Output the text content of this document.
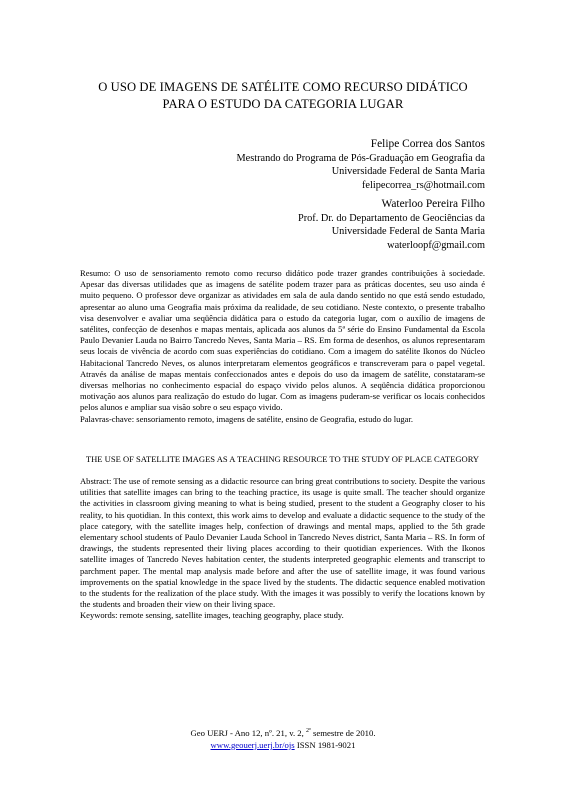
O USO DE IMAGENS DE SATÉLITE COMO RECURSO DIDÁTICO
PARA O ESTUDO DA CATEGORIA LUGAR
Felipe Correa dos Santos
Mestrando do Programa de Pós-Graduação em Geografia da
Universidade Federal de Santa Maria
felipecorrea_rs@hotmail.com
Waterloo Pereira Filho
Prof. Dr. do Departamento de Geociências da
Universidade Federal de Santa Maria
waterloopf@gmail.com

Resumo: O uso de sensoriamento remoto como recurso didático pode trazer grandes contribuições à sociedade. Apesar das diversas utilidades que as imagens de satélite podem trazer para as práticas docentes, seu uso ainda é muito pequeno. O professor deve organizar as atividades em sala de aula dando sentido no que está sendo estudado, apresentar ao aluno uma Geografia mais próxima da realidade, de seu cotidiano. Neste contexto, o presente trabalho visa desenvolver e avaliar uma seqüência didática para o estudo da categoria lugar, com o auxílio de imagens de satélites, confecção de desenhos e mapas mentais, aplicada aos alunos da 5ª série do Ensino Fundamental da Escola Paulo Devanier Lauda no Bairro Tancredo Neves, Santa Maria – RS. Em forma de desenhos, os alunos representaram seus locais de vivência de acordo com suas experiências do cotidiano. Com a imagem do satélite Ikonos do Núcleo Habitacional Tancredo Neves, os alunos interpretaram elementos geográficos e transcreveram para o papel vegetal. Através da análise de mapas mentais confeccionados antes e depois do uso da imagem de satélite, constataram-se diversas melhorias no conhecimento espacial do espaço vivido pelos alunos. A seqüência didática proporcionou motivação aos alunos para realização do estudo do lugar. Com as imagens puderam-se verificar os locais conhecidos pelos alunos e ampliar sua visão sobre o seu espaço vivido.

Palavras-chave: sensoriamento remoto, imagens de satélite, ensino de Geografia, estudo do lugar.

THE USE OF SATELLITE IMAGES AS A TEACHING RESOURCE TO THE STUDY OF PLACE CATEGORY

Abstract: The use of remote sensing as a didactic resource can bring great contributions to society. Despite the various utilities that satellite images can bring to the teaching practice, its usage is quite small. The teacher should organize the activities in classroom giving meaning to what is being studied, present to the student a Geography closer to his reality, to his quotidian. In this context, this work aims to develop and evaluate a didactic sequence to the study of the place category, with the satellite images help, confection of drawings and mental maps, applied to the 5th grade elementary school students of Paulo Devanier Lauda School in Tancredo Neves district, Santa Maria – RS. In form of drawings, the students represented their living places according to their quotidian experiences. With the Ikonos satellite images of Tancredo Neves habitation center, the students interpreted geographic elements and transcript to parchment paper. The mental map analysis made before and after the use of satellite image, it was found various improvements on the spatial knowledge in the space lived by the students. The didactic sequence enabled motivation to the students for the realization of the place study. With the images it was possibly to verify the locations known by the students and broaden their view on their living space.

Keywords: remote sensing, satellite images, teaching geography, place study.

Geo UERJ - Ano 12, nº. 21, v. 2, $^{2º}$ semestre de 2010.
www.geouerj.uerj.br/ojs ISSN 1981-9021
